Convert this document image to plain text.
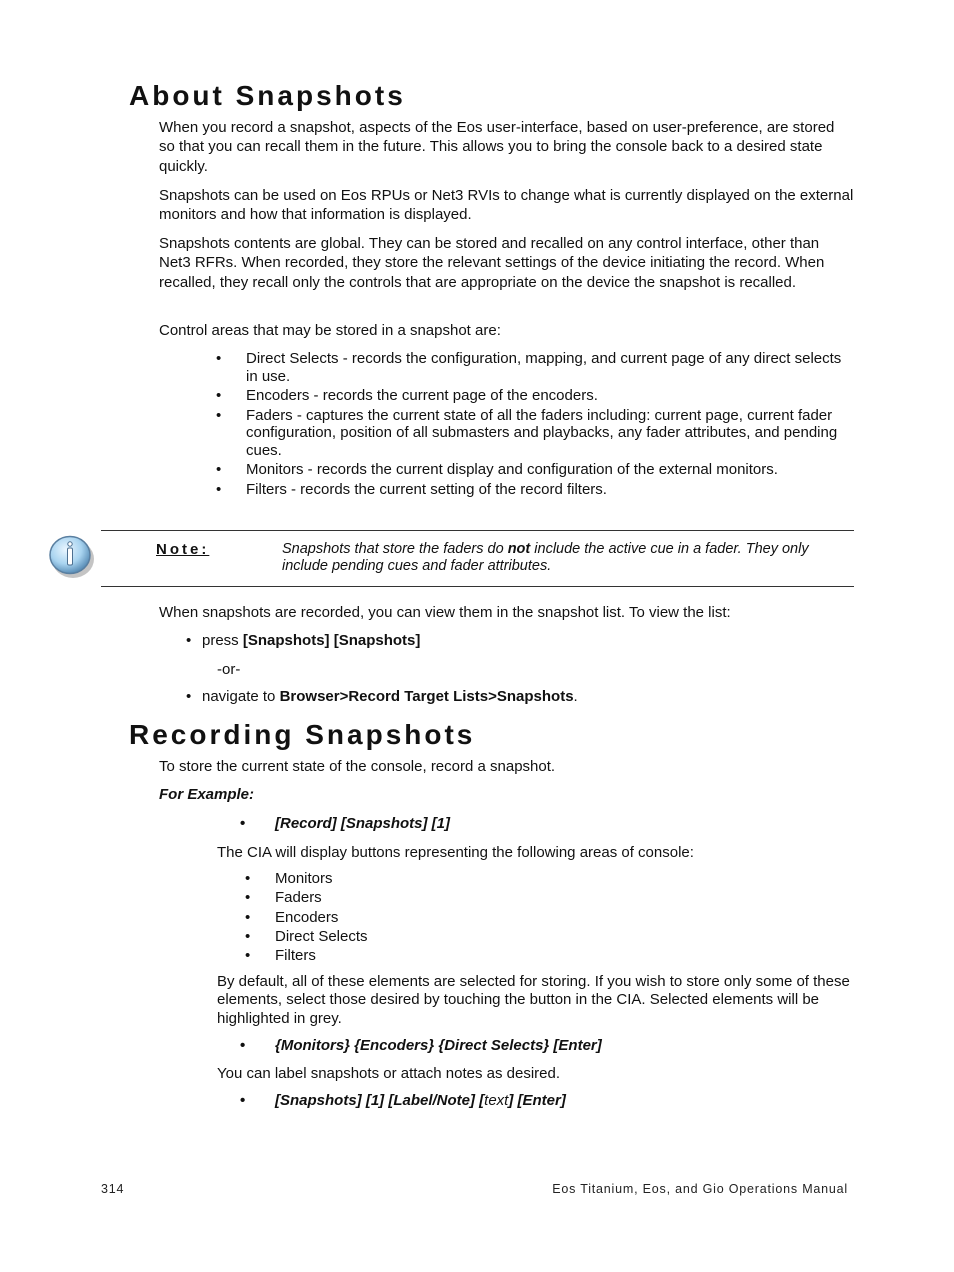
About Snapshots

When you record a snapshot, aspects of the Eos user-interface, based on user-preference, are stored so that you can recall them in the future. This allows you to bring the console back to a desired state quickly.

Snapshots can be used on Eos RPUs or Net3 RVIs to change what is currently displayed on the external monitors and how that information is displayed.

Snapshots contents are global. They can be stored and recalled on any control interface, other than Net3 RFRs. When recorded, they store the relevant settings of the device initiating the record. When recalled, they recall only the controls that are appropriate on the device the snapshot is recalled.

Control areas that may be stored in a snapshot are:

• Direct Selects - records the configuration, mapping, and current page of any direct selects in use.
• Encoders - records the current page of the encoders.
• Faders - captures the current state of all the faders including: current page, current fader configuration, position of all submasters and playbacks, any fader attributes, and pending cues.
• Monitors - records the current display and configuration of the external monitors.
• Filters - records the current setting of the record filters.
Note:	Snapshots that store the faders do not include the active cue in a fader. They only include pending cues and fader attributes.

When snapshots are recorded, you can view them in the snapshot list. To view the list:

• press [Snapshots] [Snapshots]
-or-
• navigate to Browser>Record Target Lists>Snapshots.
Recording Snapshots

To store the current state of the console, record a snapshot.

For Example:
• [Record] [Snapshots] [1]

The CIA will display buttons representing the following areas of console:

• Monitors
• Faders
• Encoders
• Direct Selects
• Filters

By default, all of these elements are selected for storing. If you wish to store only some of these elements, select those desired by touching the button in the CIA. Selected elements will be highlighted in grey.

• {Monitors} {Encoders} {Direct Selects} [Enter]

You can label snapshots or attach notes as desired.

• [Snapshots] [1] [Label/Note] [text] [Enter]
314	Eos Titanium, Eos, and Gio Operations Manual
